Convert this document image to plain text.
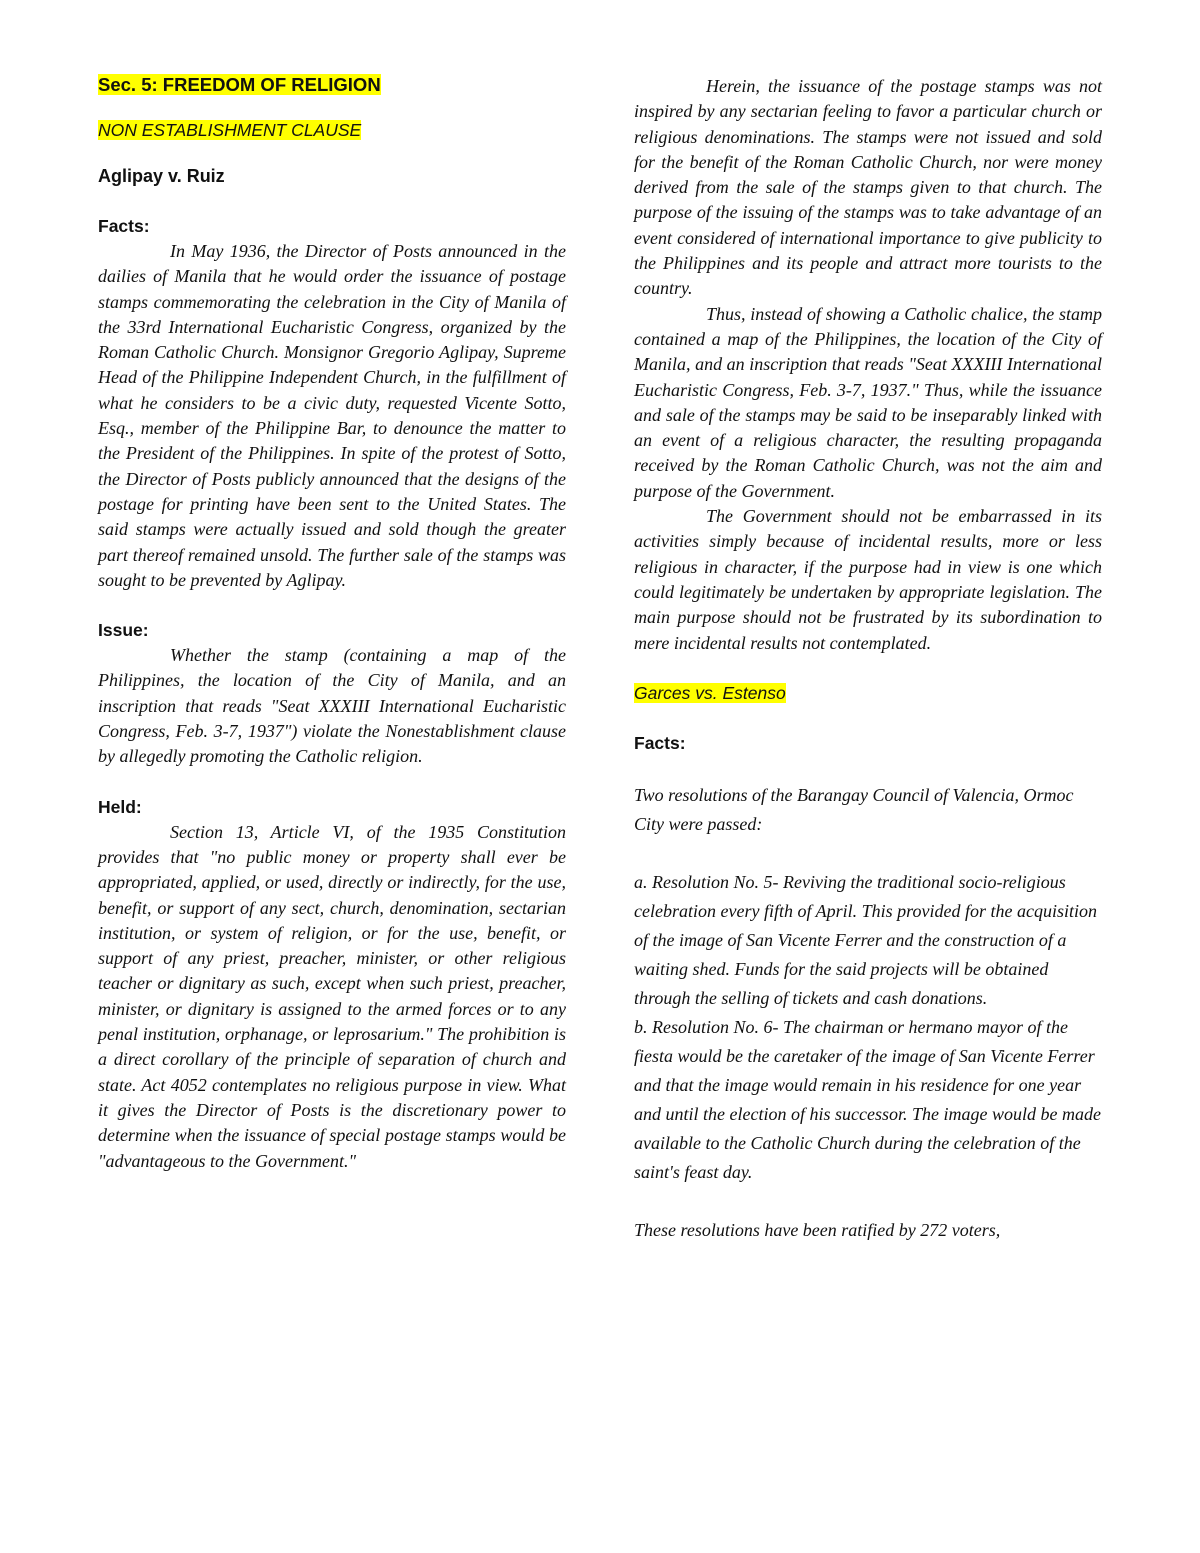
Sec. 5: FREEDOM OF RELIGION

NON ESTABLISHMENT CLAUSE

Aglipay v. Ruiz

Facts:

In May 1936, the Director of Posts announced in the dailies of Manila that he would order the issuance of postage stamps commemorating the celebration in the City of Manila of the 33rd International Eucharistic Congress, organized by the Roman Catholic Church. Monsignor Gregorio Aglipay, Supreme Head of the Philippine Independent Church, in the fulfillment of what he considers to be a civic duty, requested Vicente Sotto, Esq., member of the Philippine Bar, to denounce the matter to the President of the Philippines. In spite of the protest of Sotto, the Director of Posts publicly announced that the designs of the postage for printing have been sent to the United States. The said stamps were actually issued and sold though the greater part thereof remained unsold. The further sale of the stamps was sought to be prevented by Aglipay.

Issue:

Whether the stamp (containing a map of the Philippines, the location of the City of Manila, and an inscription that reads "Seat XXXIII International Eucharistic Congress, Feb. 3-7, 1937") violate the Nonestablishment clause by allegedly promoting the Catholic religion.

Held:

Section 13, Article VI, of the 1935 Constitution provides that "no public money or property shall ever be appropriated, applied, or used, directly or indirectly, for the use, benefit, or support of any sect, church, denomination, sectarian institution, or system of religion, or for the use, benefit, or support of any priest, preacher, minister, or other religious teacher or dignitary as such, except when such priest, preacher, minister, or dignitary is assigned to the armed forces or to any penal institution, orphanage, or leprosarium." The prohibition is a direct corollary of the principle of separation of church and state. Act 4052 contemplates no religious purpose in view. What it gives the Director of Posts is the discretionary power to determine when the issuance of special postage stamps would be "advantageous to the Government."

Herein, the issuance of the postage stamps was not inspired by any sectarian feeling to favor a particular church or religious denominations. The stamps were not issued and sold for the benefit of the Roman Catholic Church, nor were money derived from the sale of the stamps given to that church. The purpose of the issuing of the stamps was to take advantage of an event considered of international importance to give publicity to the Philippines and its people and attract more tourists to the country.

Thus, instead of showing a Catholic chalice, the stamp contained a map of the Philippines, the location of the City of Manila, and an inscription that reads "Seat XXXIII International Eucharistic Congress, Feb. 3-7, 1937." Thus, while the issuance and sale of the stamps may be said to be inseparably linked with an event of a religious character, the resulting propaganda received by the Roman Catholic Church, was not the aim and purpose of the Government.

The Government should not be embarrassed in its activities simply because of incidental results, more or less religious in character, if the purpose had in view is one which could legitimately be undertaken by appropriate legislation. The main purpose should not be frustrated by its subordination to mere incidental results not contemplated.

Garces vs. Estenso

Facts:

Two resolutions of the Barangay Council of Valencia, Ormoc City were passed:

a. Resolution No. 5- Reviving the traditional socio-religious celebration every fifth of April. This provided for the acquisition of the image of San Vicente Ferrer and the construction of a waiting shed. Funds for the said projects will be obtained through the selling of tickets and cash donations.

b. Resolution No. 6- The chairman or hermano mayor of the fiesta would be the caretaker of the image of San Vicente Ferrer and that the image would remain in his residence for one year and until the election of his successor. The image would be made available to the Catholic Church during the celebration of the saint's feast day.

These resolutions have been ratified by 272 voters,
